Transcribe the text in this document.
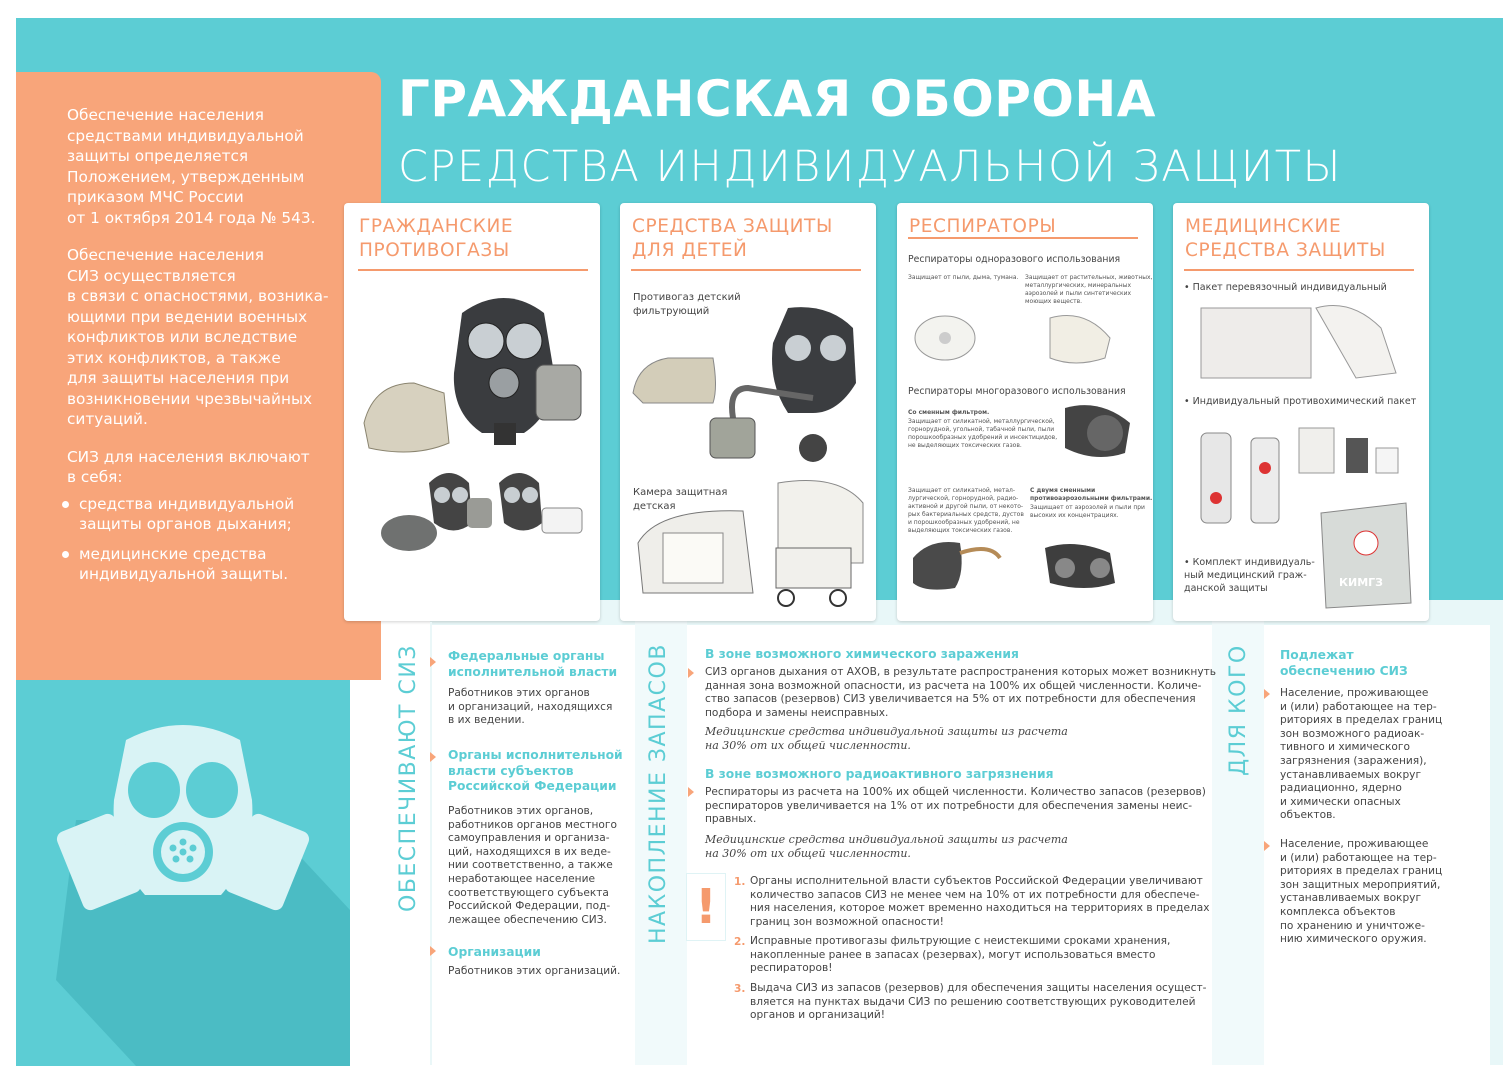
Обеспечение населения
средствами индивидуальной
защиты определяется
Положением, утвержденным
приказом МЧС России
от 1 октября 2014 года № 543.

Обеспечение населения
СИЗ осуществляется
в связи с опасностями, возника-
ющими при ведении военных
конфликтов или вследствие
этих конфликтов, а также
для защиты населения при
возникновении чрезвычайных
ситуаций.

СИЗ для населения включают
в себя:

средства индивидуальной
защиты органов дыхания;
медицинские средства
индивидуальной защиты.
ГРАЖДАНСКАЯ ОБОРОНА
СРЕДСТВА ИНДИВИДУАЛЬНОЙ ЗАЩИТЫ
ГРАЖДАНСКИЕ
ПРОТИВОГАЗЫ
СРЕДСТВА ЗАЩИТЫ
ДЛЯ ДЕТЕЙ
Противогаз детский
фильтрующий
Камера защитная
детская
РЕСПИРАТОРЫ
Респираторы одноразового использования
Защищает от пыли, дыма, тумана. Защищает от растительных, животных,
металлургических, минеральных
аэрозолей и пыли синтетических
моющих веществ.
Респираторы многоразового использования
Со сменным фильтром.
Защищает от силикатной, металлургической,
горнорудной, угольной, табачной пыли, пыли
порошкообразных удобрений и инсектицидов,
не выделяющих токсических газов.
Защищает от силикатной, метал-
лургической, горнорудной, радио-
активной и другой пыли, от некото-
рых бактериальных средств, дустов
и порошкообразных удобрений, не
выделяющих токсических газов.
С двумя сменными
противоаэрозольными фильтрами.
Защищает от аэрозолей и пыли при
высоких их концентрациях.
МЕДИЦИНСКИЕ
СРЕДСТВА ЗАЩИТЫ
• Пакет перевязочный индивидуальный
• Индивидуальный противохимический пакет
• Комплект индивидуаль-
ный медицинский граж-
данской защиты	КИМГЗ
ОБЕСПЕЧИВАЮТ СИЗ Федеральные органы
исполнительной власти
Работников этих органов
и организаций, находящихся
в их ведении.
Органы исполнительной
власти субъектов
Российской Федерации
Работников этих органов,
работников органов местного
самоуправления и организа-
ций, находящихся в их веде-
нии соответственно, а также
неработающее население
соответствующего субъекта
Российской Федерации, под-
лежащее обеспечению СИЗ.
Организации
Работников этих организаций.
НАКОПЛЕНИЕ ЗАПАСОВ	В зоне возможного химического заражения
СИЗ органов дыхания от АХОВ, в результате распространения которых может возникнуть
данная зона возможной опасности, из расчета на 100% их общей численности. Количе-
ство запасов (резервов) СИЗ увеличивается на 5% от их потребности для обеспечения
подбора и замены неисправных.
Медицинские средства индивидуальной защиты из расчета
на 30% от их общей численности.
В зоне возможного радиоактивного загрязнения
Респираторы из расчета на 100% их общей численности. Количество запасов (резервов)
респираторов увеличивается на 1% от их потребности для обеспечения замены неис-
правных.
Медицинские средства индивидуальной защиты из расчета
на 30% от их общей численности.
! 1. Органы исполнительной власти субъектов Российской Федерации увеличивают
количество запасов СИЗ не менее чем на 10% от их потребности для обеспече-
ния населения, которое может временно находиться на территориях в пределах
границ зон возможной опасности!
2. Исправные противогазы фильтрующие с неистекшими сроками хранения,
накопленные ранее в запасах (резервах), могут использоваться вместо
респираторов!
3. Выдача СИЗ из запасов (резервов) для обеспечения защиты населения осущест-
вляется на пунктах выдачи СИЗ по решению соответствующих руководителей
органов и организаций!
ДЛЯ КОГО Подлежат
обеспечению СИЗ
Население, проживающее
и (или) работающее на тер-
риториях в пределах границ
зон возможного радиоак-
тивного и химического
загрязнения (заражения),
устанавливаемых вокруг
радиационно, ядерно
и химически опасных
объектов.
Население, проживающее
и (или) работающее на тер-
риториях в пределах границ
зон защитных мероприятий,
устанавливаемых вокруг
комплекса объектов
по хранению и уничтоже-
нию химического оружия.
